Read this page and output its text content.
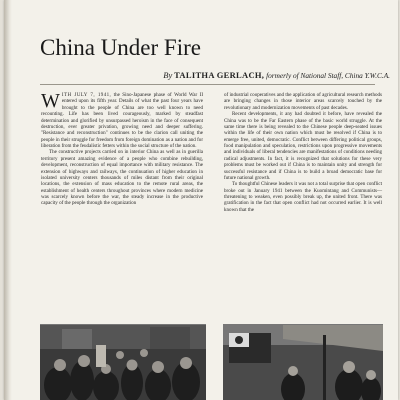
China Under Fire
By TALITHA GERLACH, formerly of National Staff, China Y.W.C.A.

WITH JULY 7, 1941, the Sino-Japanese phase of World War II entered upon its fifth year. Details of what the past four years have brought to the people of China are too well known to need recounting. Life has been lived courageously, marked by steadfast determination and glorified by unsurpassed heroism in the face of consequent destruction, ever greater privation, growing need and deeper suffering. "Resistance and reconstruction" continues to be the clarion call uniting the people in their struggle for freedom from foreign domination as a nation and for liberation from the feudalistic fetters within the social structure of the nation.

The constructive projects carried on in interior China as well as in guerilla territory present amazing evidence of a people who combine rebuilding, development, reconstruction of equal importance with military resistance. The extension of highways and railways, the continuation of higher education in isolated university centers thousands of miles distant from their original locations, the extension of mass education to the remote rural areas, the establishment of health centers throughout provinces where modern medicine was scarcely known before the war, the steady increase in the productive capacity of the people through the organization

of industrial cooperatives and the application of agricultural research methods are bringing changes in those interior areas scarcely touched by the revolutionary and modernization movements of past decades.

Recent developments, it any had doubted it before, have revealed the China was to be the Far Eastern phase of the basic world struggle. At the same time there is being revealed to the Chinese people deep-seated issues within the life of their own nation which must be resolved if China is to emerge free, united, democratic. Conflict between differing political groups, food manipulation and speculation, restrictions upon progressive movements and individuals of liberal tendencies are manifestations of conditions needing radical adjustments. In fact, it is recognized that solutions for these very problems must be worked out if China is to maintain unity and strength for successful resistance and if China is to build a broad democratic base for future national growth.

To thoughtful Chinese leaders it was not a total surprise that open conflict broke out in January 1941 between the Kuomintang and Communists—threatening to weaken, even possibly break up, the united front. There was gratification in the fact that open conflict had not occurred earlier. It is well known that the
